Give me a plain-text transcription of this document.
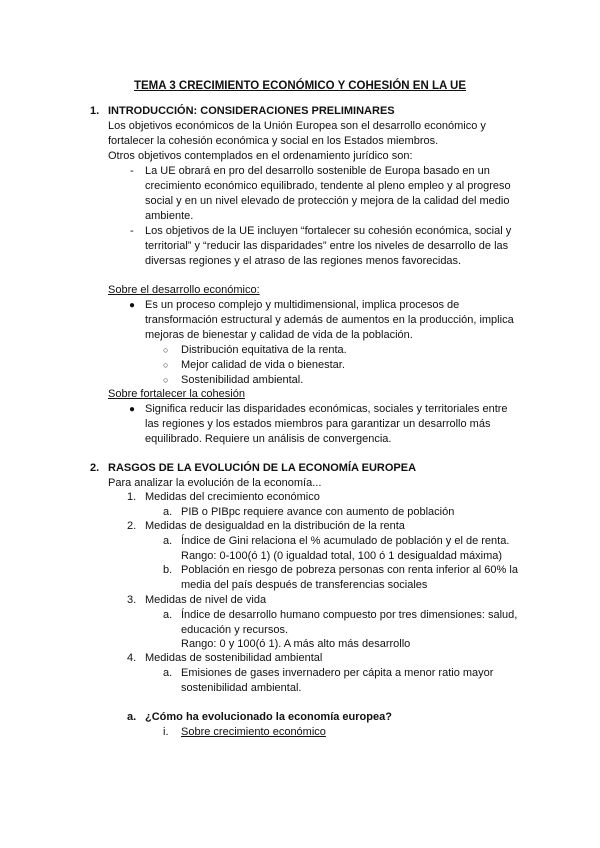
TEMA 3 CRECIMIENTO ECONÓMICO Y COHESIÓN EN LA UE
1. INTRODUCCIÓN: CONSIDERACIONES PRELIMINARES
Los objetivos económicos de la Unión Europea son el desarrollo económico y
fortalecer la cohesión económica y social en los Estados miembros.
Otros objetivos contemplados en el ordenamiento jurídico son:
- La UE obrará en pro del desarrollo sostenible de Europa basado en un
crecimiento económico equilibrado, tendente al pleno empleo y al progreso
social y en un nivel elevado de protección y mejora de la calidad del medio
ambiente.
- Los objetivos de la UE incluyen “fortalecer su cohesión económica, social y
territorial” y “reducir las disparidades” entre los niveles de desarrollo de las
diversas regiones y el atraso de las regiones menos favorecidas.
Sobre el desarrollo económico:
● Es un proceso complejo y multidimensional, implica procesos de
transformación estructural y además de aumentos en la producción, implica
mejoras de bienestar y calidad de vida de la población.
○ Distribución equitativa de la renta.
○ Mejor calidad de vida o bienestar.
○ Sostenibilidad ambiental.
Sobre fortalecer la cohesión
● Significa reducir las disparidades económicas, sociales y territoriales entre
las regiones y los estados miembros para garantizar un desarrollo más
equilibrado. Requiere un análisis de convergencia.
2. RASGOS DE LA EVOLUCIÓN DE LA ECONOMÍA EUROPEA
Para analizar la evolución de la economía...
1. Medidas del crecimiento económico
a. PIB o PIBpc requiere avance con aumento de población
2. Medidas de desigualdad en la distribución de la renta
a. Índice de Gini relaciona el % acumulado de población y el de renta.
Rango: 0-100(ó 1) (0 igualdad total, 100 ó 1 desigualdad máxima)
b. Población en riesgo de pobreza personas con renta inferior al 60% la
media del país después de transferencias sociales
3. Medidas de nivel de vida
a. Índice de desarrollo humano compuesto por tres dimensiones: salud,
educación y recursos.
Rango: 0 y 100(ó 1). A más alto más desarrollo
4. Medidas de sostenibilidad ambiental
a. Emisiones de gases invernadero per cápita a menor ratio mayor
sostenibilidad ambiental.
a. ¿Cómo ha evolucionado la economía europea?
i. Sobre crecimiento económico
